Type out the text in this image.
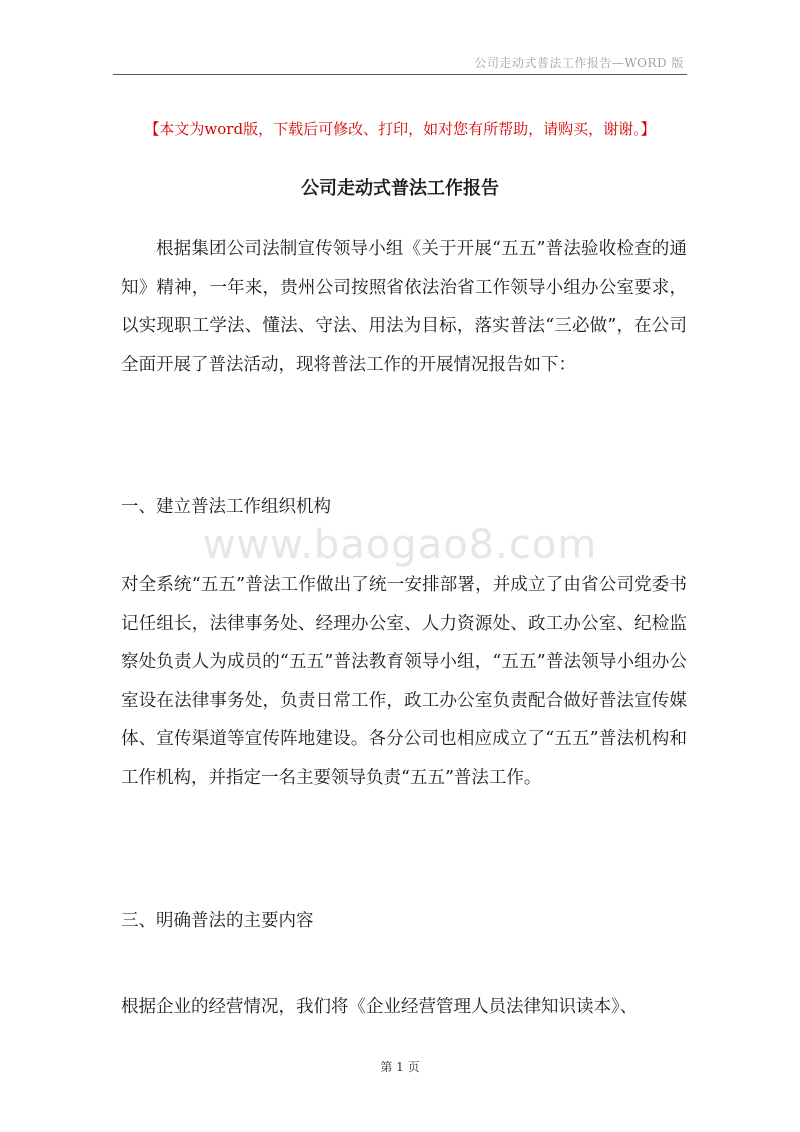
公司走动式普法工作报告—WORD 版
【本文为word版，下载后可修改、打印，如对您有所帮助，请购买，谢谢。】
公司走动式普法工作报告

根据集团公司法制宣传领导小组《关于开展“五五”普法验收检查的通知》精神，一年来，贵州公司按照省依法治省工作领导小组办公室要求，以实现职工学法、懂法、守法、用法为目标，落实普法“三必做”，在公司全面开展了普法活动，现将普法工作的开展情况报告如下：

一、建立普法工作组织机构

www.baogao8.com

对全系统“五五”普法工作做出了统一安排部署，并成立了由省公司党委书记任组长，法律事务处、经理办公室、人力资源处、政工办公室、纪检监察处负责人为成员的“五五”普法教育领导小组，“五五”普法领导小组办公室设在法律事务处，负责日常工作，政工办公室负责配合做好普法宣传媒体、宣传渠道等宣传阵地建设。各分公司也相应成立了“五五”普法机构和工作机构，并指定一名主要领导负责“五五”普法工作。

三、明确普法的主要内容

根据企业的经营情况，我们将《企业经营管理人员法律知识读本》、

第 1 页
